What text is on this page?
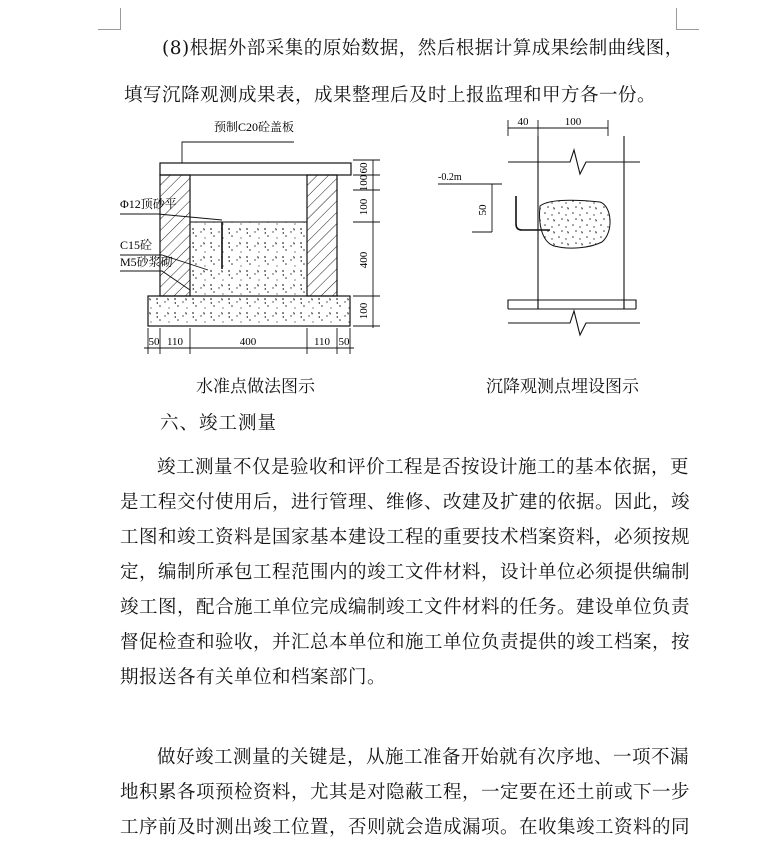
(8)根据外部采集的原始数据，然后根据计算成果绘制曲线图，
填写沉降观测成果表，成果整理后及时上报监理和甲方各一份。

预制C20砼盖板
Φ12顶砂平
C15砼
M5砂浆砌
60
100
100
400
100
50 110	400	110 50
40	100
-0.2m
50
水准点做法图示	沉降观测点埋设图示
六、竣工测量
竣工测量不仅是验收和评价工程是否按设计施工的基本依据，更
是工程交付使用后，进行管理、维修、改建及扩建的依据。因此，竣
工图和竣工资料是国家基本建设工程的重要技术档案资料，必须按规
定，编制所承包工程范围内的竣工文件材料，设计单位必须提供编制
竣工图，配合施工单位完成编制竣工文件材料的任务。建设单位负责
督促检查和验收，并汇总本单位和施工单位负责提供的竣工档案，按
期报送各有关单位和档案部门。
做好竣工测量的关键是，从施工准备开始就有次序地、一项不漏
地积累各项预检资料，尤其是对隐蔽工程，一定要在还土前或下一步
工序前及时测出竣工位置，否则就会造成漏项。在收集竣工资料的同
